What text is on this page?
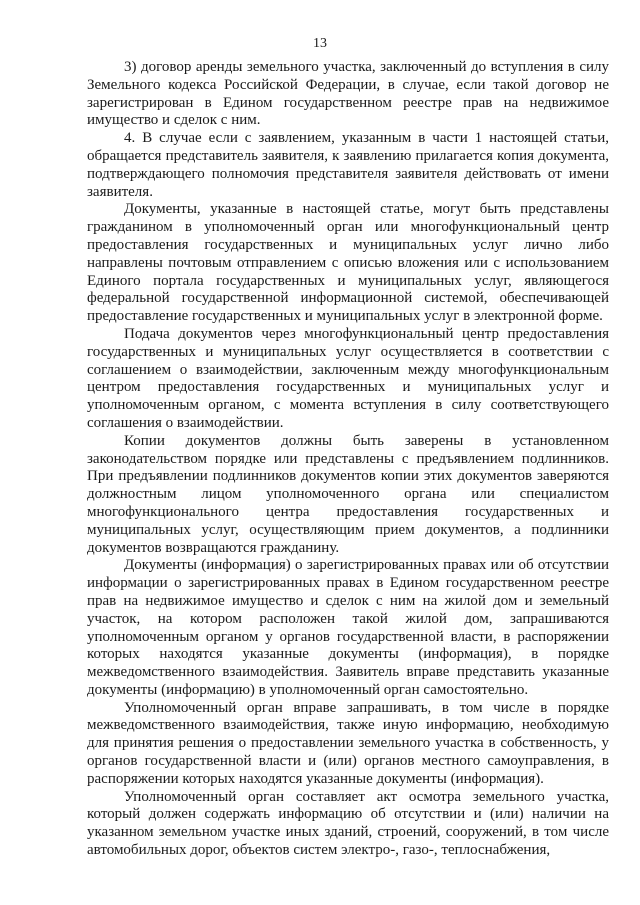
13

3) договор аренды земельного участка, заключенный до вступления в силу Земельного кодекса Российской Федерации, в случае, если такой договор не зарегистрирован в Едином государственном реестре прав на недвижимое имущество и сделок с ним.

4. В случае если с заявлением, указанным в части 1 настоящей статьи, обращается представитель заявителя, к заявлению прилагается копия документа, подтверждающего полномочия представителя заявителя действовать от имени заявителя.

Документы, указанные в настоящей статье, могут быть представлены гражданином в уполномоченный орган или многофункциональный центр предоставления государственных и муниципальных услуг лично либо направлены почтовым отправлением с описью вложения или с использованием Единого портала государственных и муниципальных услуг, являющегося федеральной государственной информационной системой, обеспечивающей предоставление государственных и муниципальных услуг в электронной форме.

Подача документов через многофункциональный центр предоставления государственных и муниципальных услуг осуществляется в соответствии с соглашением о взаимодействии, заключенным между многофункциональным центром предоставления государственных и муниципальных услуг и уполномоченным органом, с момента вступления в силу соответствующего соглашения о взаимодействии.

Копии документов должны быть заверены в установленном законодательством порядке или представлены с предъявлением подлинников. При предъявлении подлинников документов копии этих документов заверяются должностным лицом уполномоченного органа или специалистом многофункционального центра предоставления государственных и муниципальных услуг, осуществляющим прием документов, а подлинники документов возвращаются гражданину.

Документы (информация) о зарегистрированных правах или об отсутствии информации о зарегистрированных правах в Едином государственном реестре прав на недвижимое имущество и сделок с ним на жилой дом и земельный участок, на котором расположен такой жилой дом, запрашиваются уполномоченным органом у органов государственной власти, в распоряжении которых находятся указанные документы (информация), в порядке межведомственного взаимодействия. Заявитель вправе представить указанные документы (информацию) в уполномоченный орган самостоятельно.

Уполномоченный орган вправе запрашивать, в том числе в порядке межведомственного взаимодействия, также иную информацию, необходимую для принятия решения о предоставлении земельного участка в собственность, у органов государственной власти и (или) органов местного самоуправления, в распоряжении которых находятся указанные документы (информация).

Уполномоченный орган составляет акт осмотра земельного участка, который должен содержать информацию об отсутствии и (или) наличии на указанном земельном участке иных зданий, строений, сооружений, в том числе автомобильных дорог, объектов систем электро-, газо-, теплоснабжения,
